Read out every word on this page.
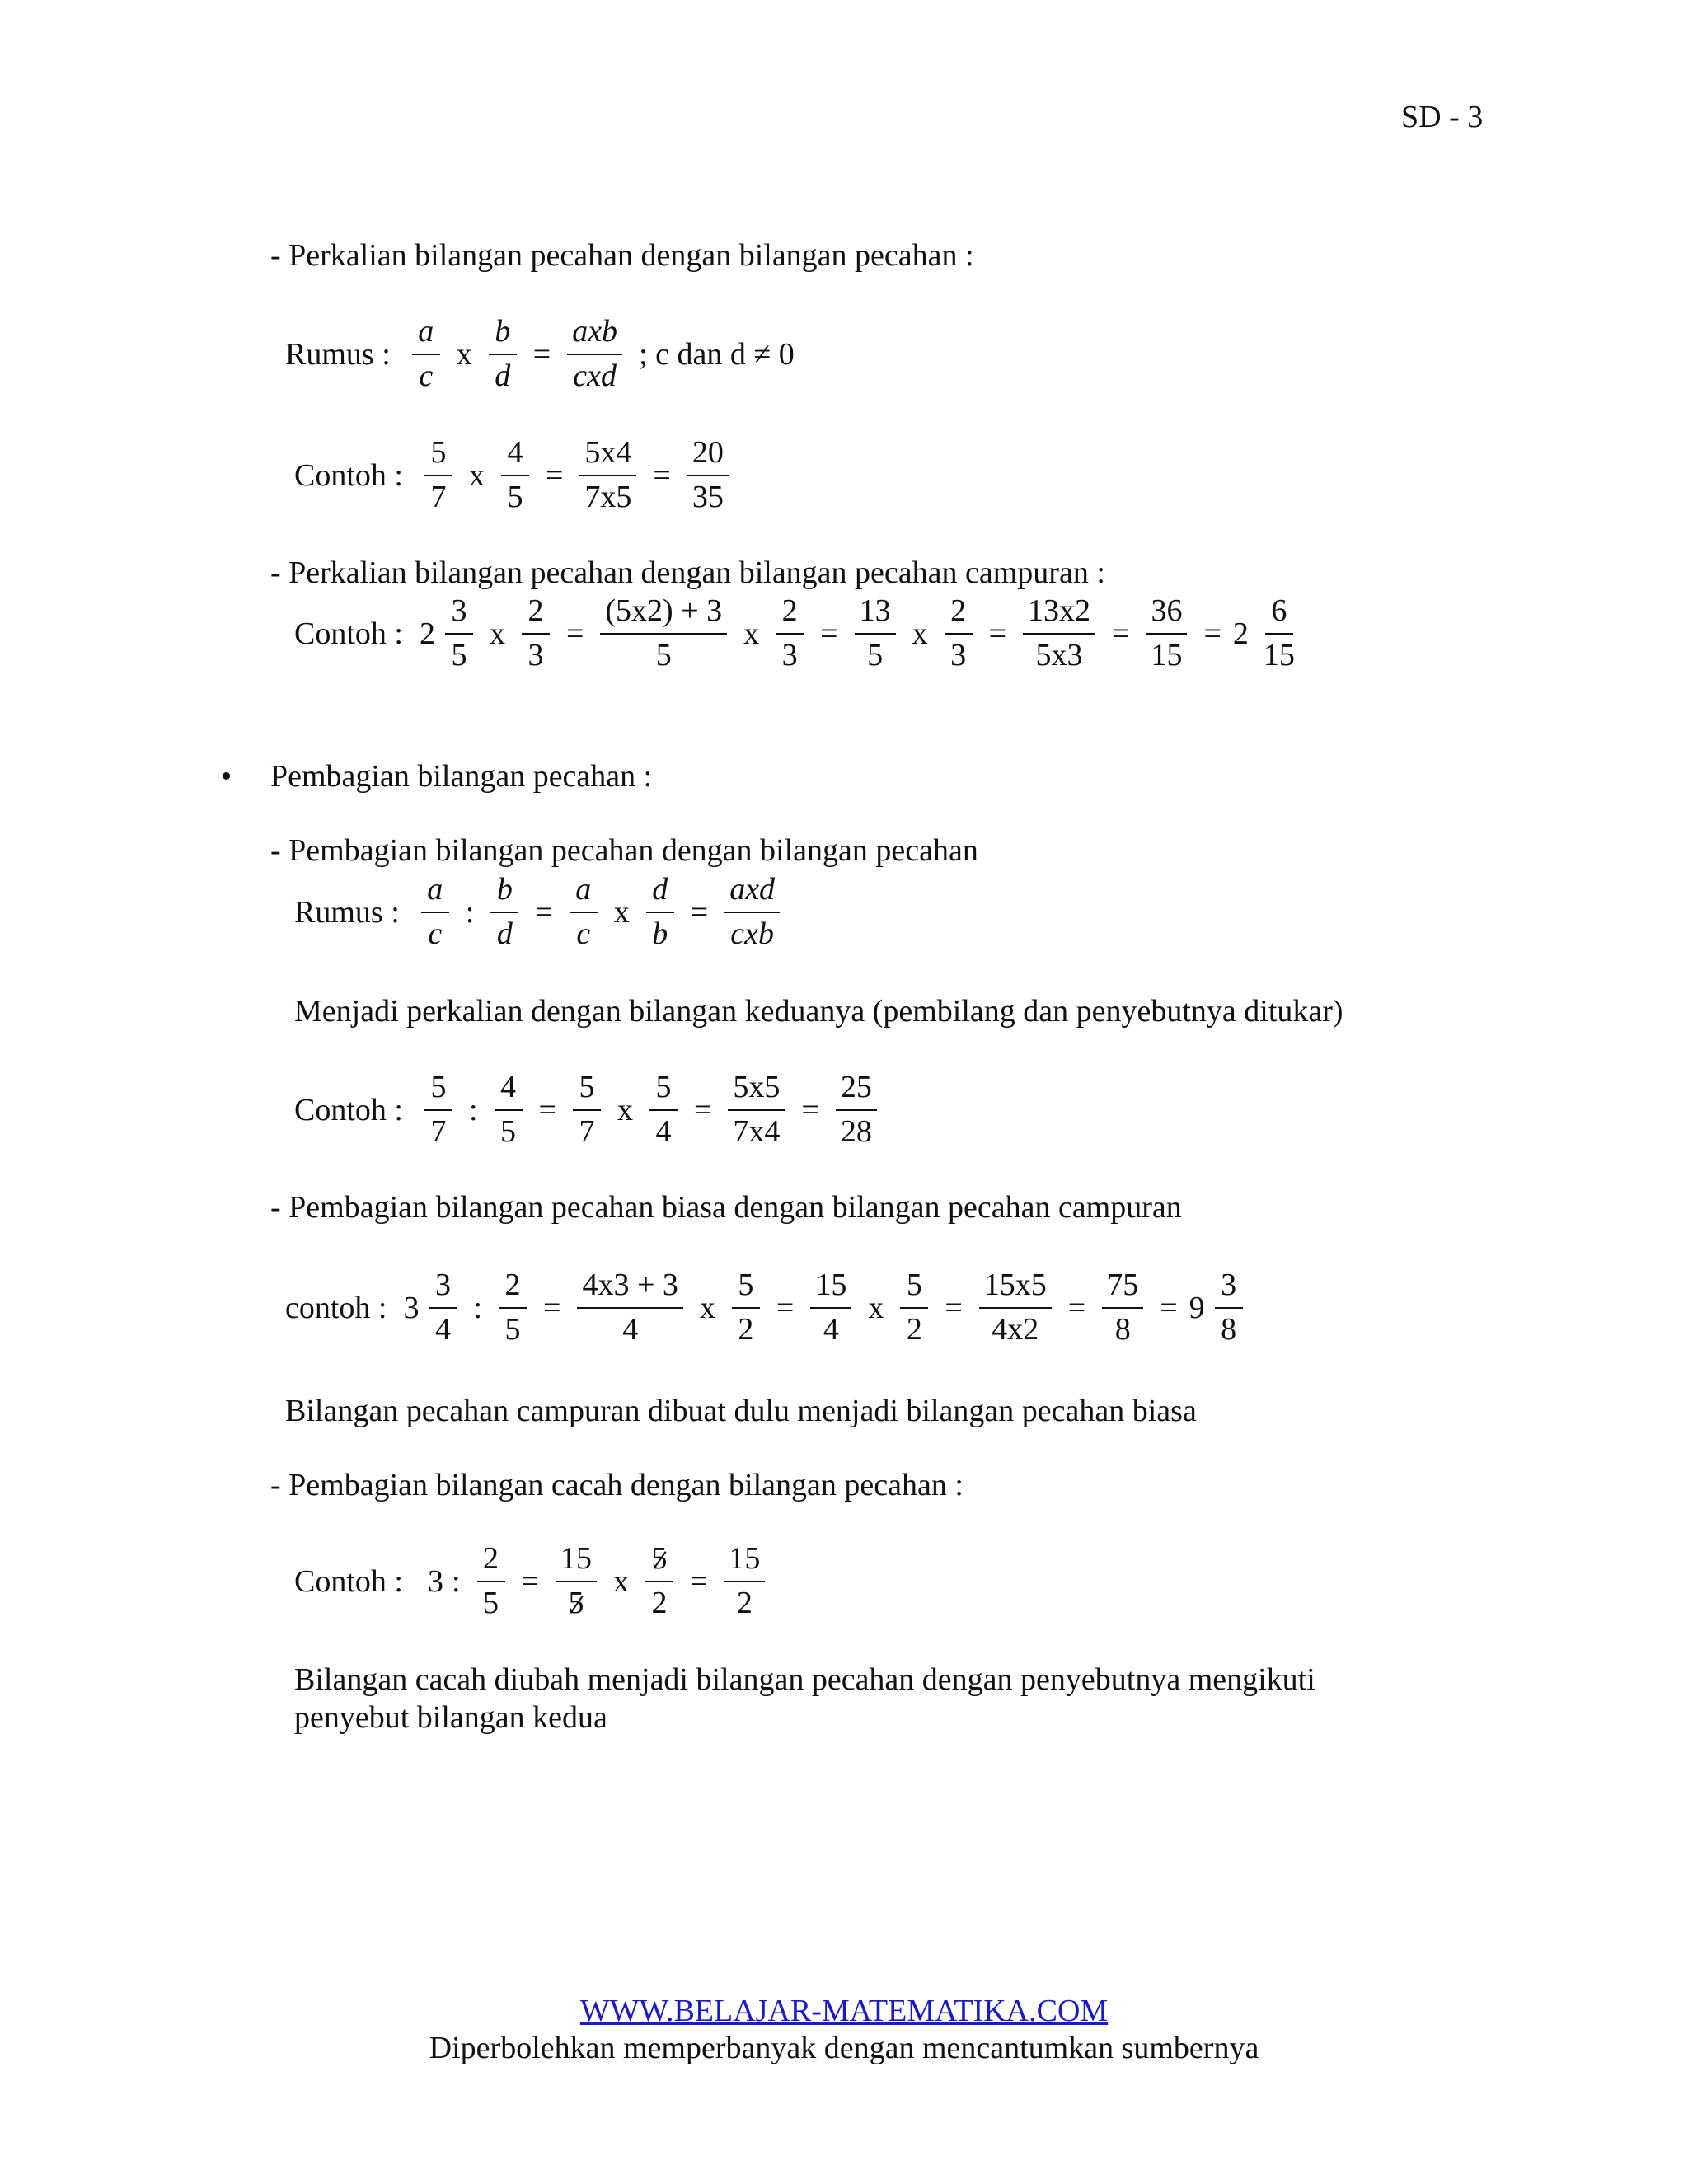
SD - 3
- Perkalian bilangan pecahan dengan bilangan pecahan :
Rumus : $\frac{a}{c}$ x $\frac{b}{d} = \frac{\text{axb}}{\text{cxd}}$ ; c dan d ≠ 0
Contoh : $\frac{5}{7}$ x $\frac{4}{5} = \frac{5x4}{7x5} = \frac{20}{35}$
- Perkalian bilangan pecahan dengan bilangan pecahan campuran :
Contoh : $2 \frac{3}{5}$ x $\frac{2}{3} = \frac{(5x2) + 3}{5}$ x $\frac{2}{3} = \frac{13}{5}$ x $\frac{2}{3} = \frac{13x2}{5x3} = \frac{36}{15} = 2 \frac{6}{15}$
• Pembagian bilangan pecahan :
- Pembagian bilangan pecahan dengan bilangan pecahan
Rumus : $\frac{a}{c}$ : $\frac{b}{d} = \frac{a}{c}$ x $\frac{d}{b} = \frac{\text{axd}}{\text{cxb}}$
Menjadi perkalian dengan bilangan keduanya (pembilang dan penyebutnya ditukar)
Contoh : $\frac{5}{7}$ : $\frac{4}{5} = \frac{5}{7}$ x $\frac{5}{4} = \frac{5x5}{7x4} = \frac{25}{28}$
- Pembagian bilangan pecahan biasa dengan bilangan pecahan campuran
contoh : $3 \frac{3}{4}$ : $\frac{2}{5} = \frac{4x3 + 3}{4}$ x $\frac{5}{2} = \frac{15}{4}$ x $\frac{5}{2} = \frac{15x5}{4x2} = \frac{75}{8} = 9 \frac{3}{8}$
Bilangan pecahan campuran dibuat dulu menjadi bilangan pecahan biasa
- Pembagian bilangan cacah dengan bilangan pecahan :
Contoh : 3 : $\frac{2}{5} = \frac{15}{5}$ x $\frac{5}{2} = \frac{15}{2}$
Bilangan cacah diubah menjadi bilangan pecahan dengan penyebutnya mengikuti
penyebut bilangan kedua
WWW.BELAJAR-MATEMATIKA.COM
Diperbolehkan memperbanyak dengan mencantumkan sumbernya
